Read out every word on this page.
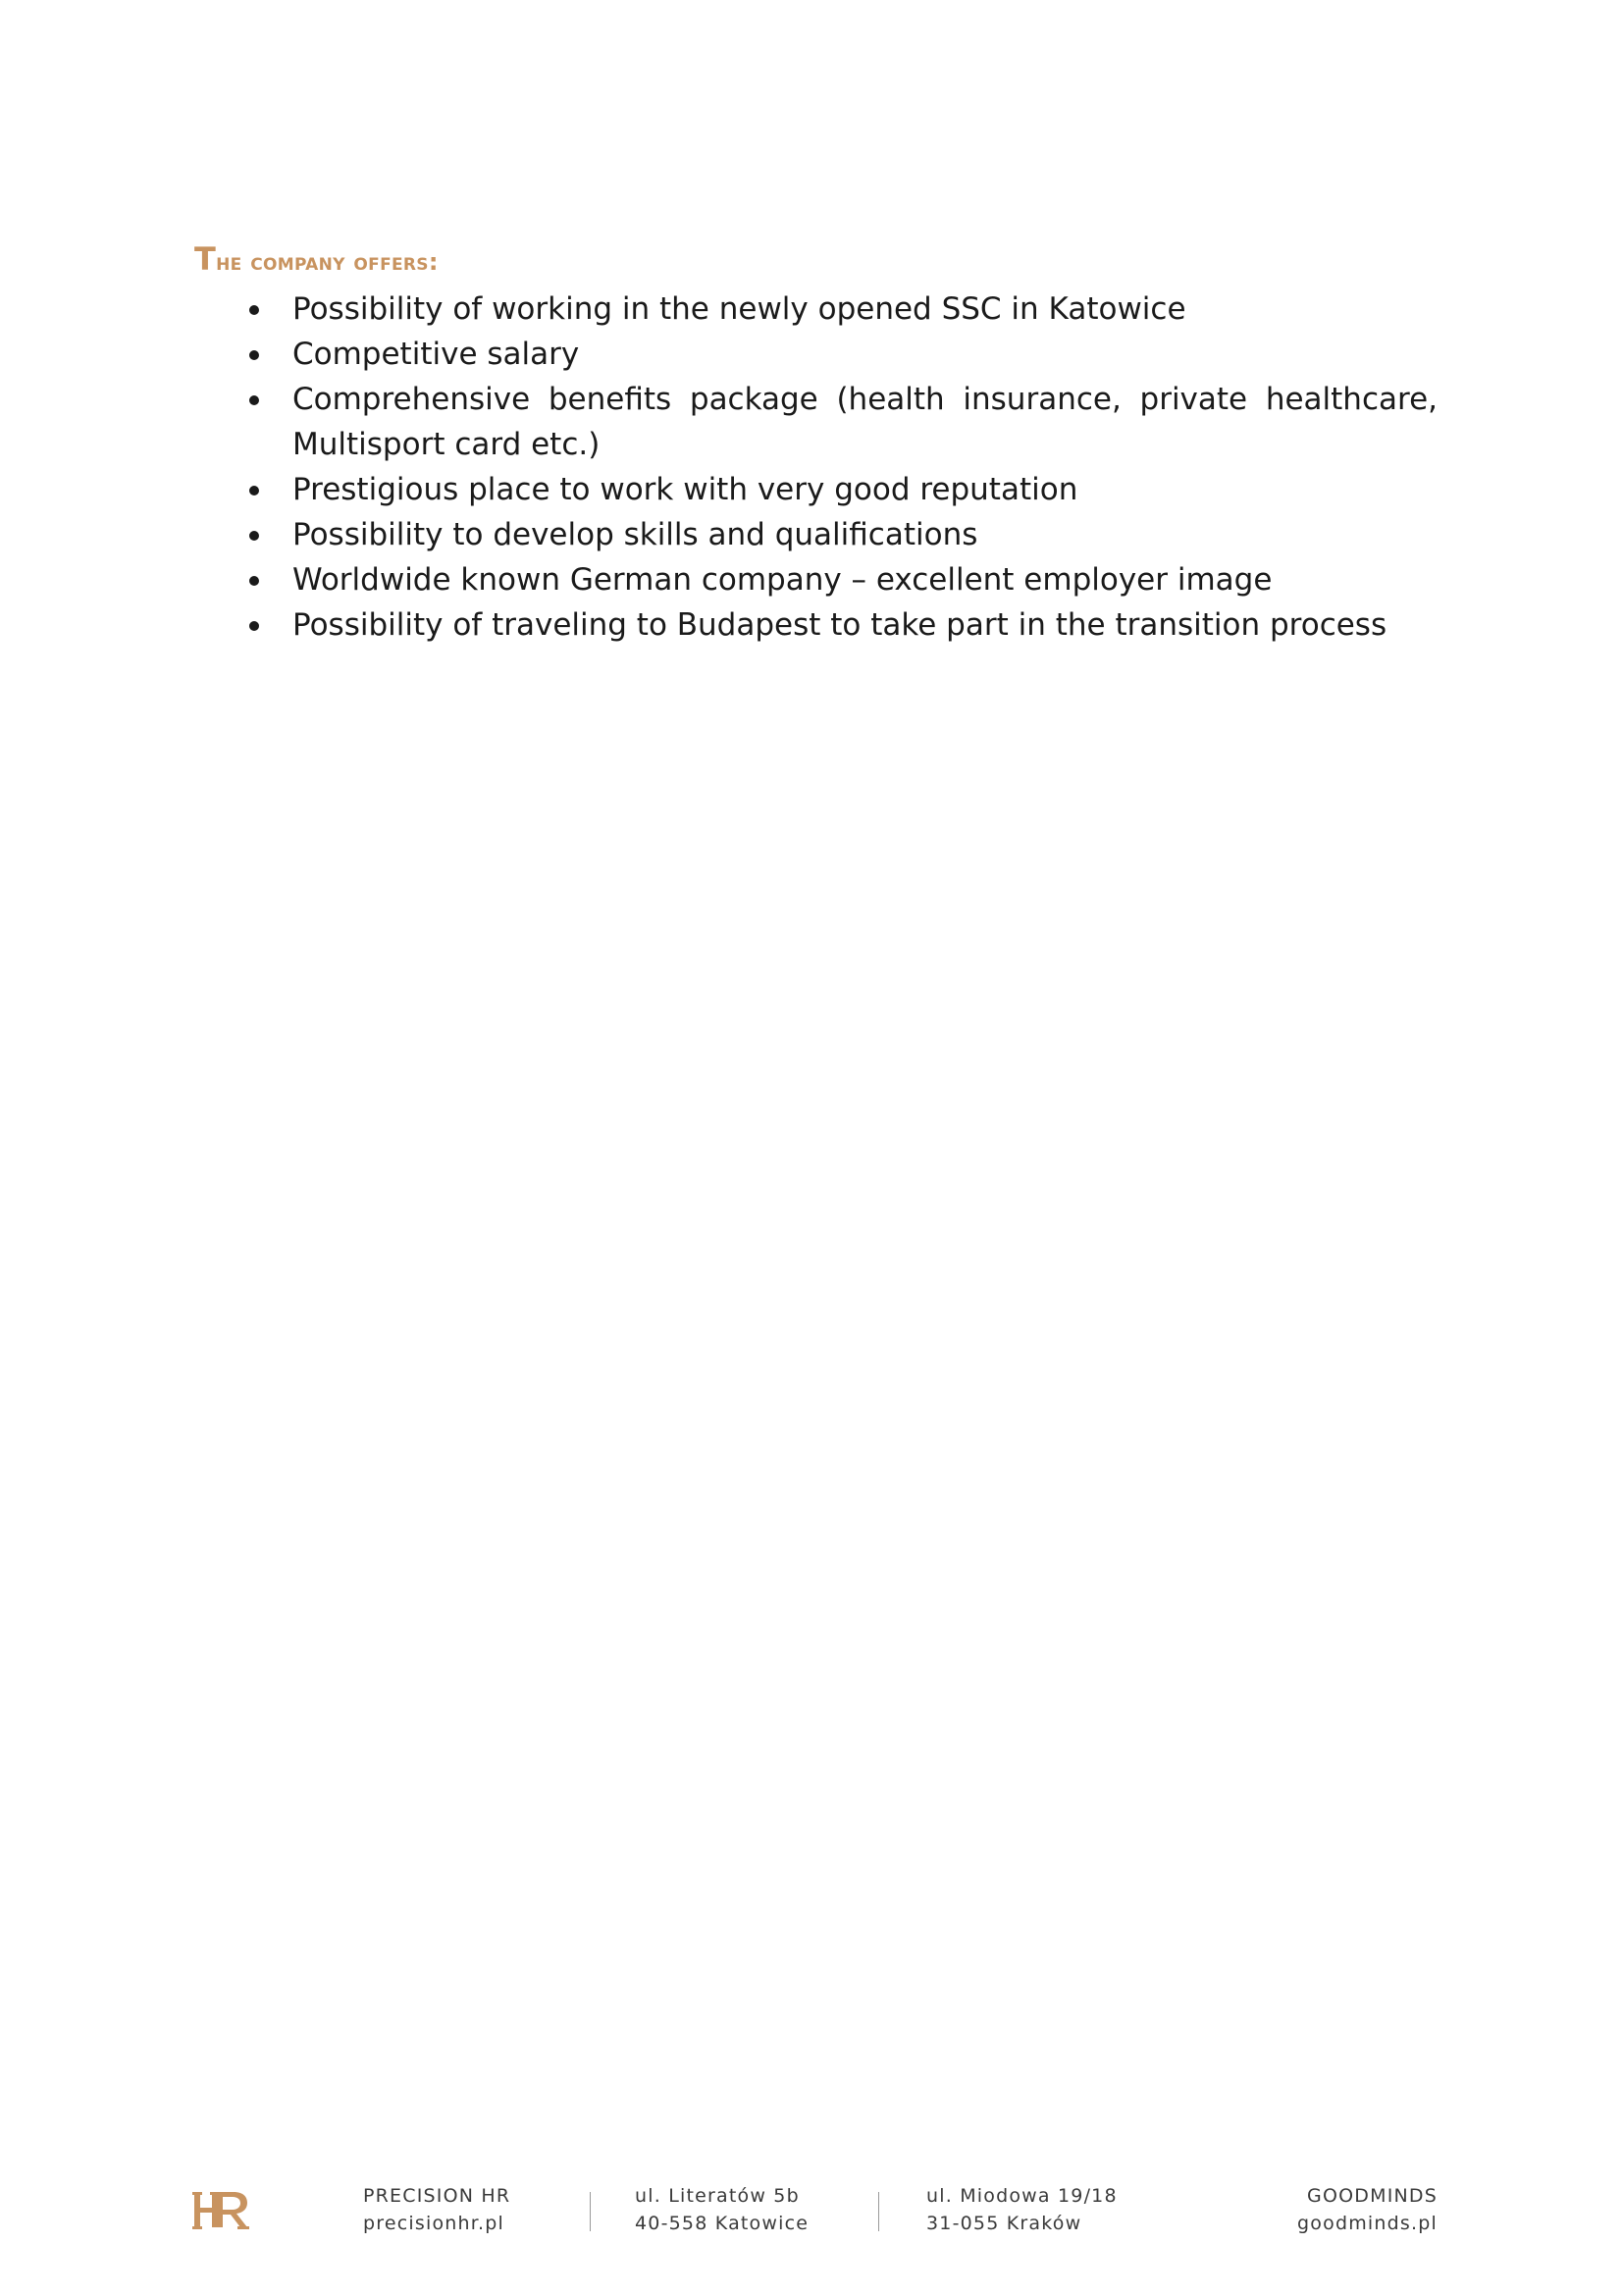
The company offers:
Possibility of working in the newly opened SSC in Katowice
Competitive salary
Comprehensive benefits package (health insurance, private healthcare,
Multisport card etc.)
Prestigious place to work with very good reputation
Possibility to develop skills and qualifications
Worldwide known German company – excellent employer image
Possibility of traveling to Budapest to take part in the transition process
PRECISION HR
precisionhr.pl
ul. Literatów 5b
40-558 Katowice
ul. Miodowa 19/18
31-055 Kraków
GOODMINDS
goodminds.pl
